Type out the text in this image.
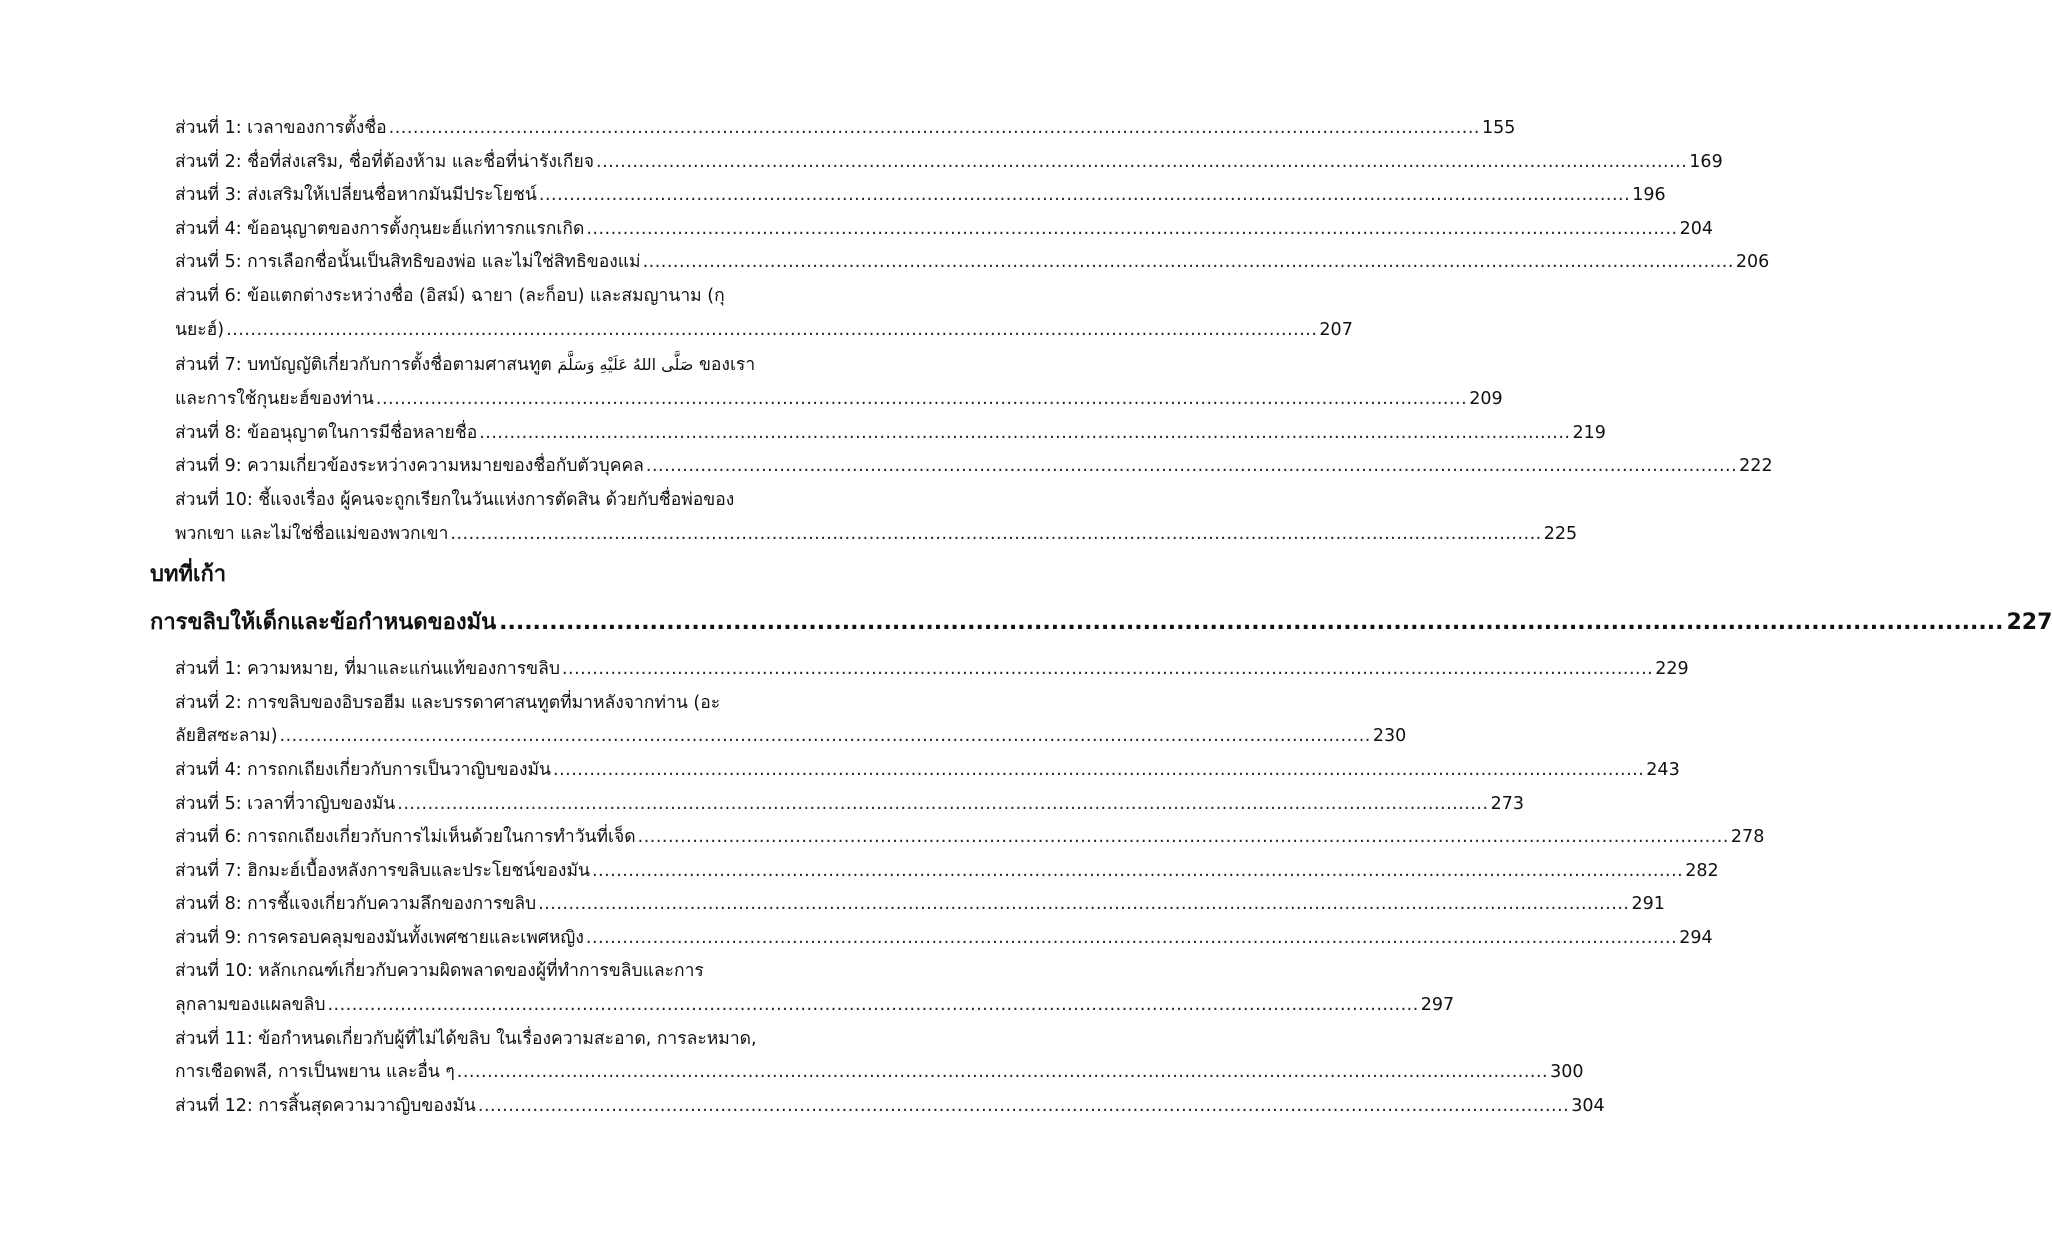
ส่วนที่ 1: เวลาของการตั้งชื่อ .................................................................................................................................................................................... 155
ส่วนที่ 2: ชื่อที่ส่งเสริม, ชื่อที่ต้องห้าม และชื่อที่น่ารังเกียจ .................................................................................................................................................................................... 169
ส่วนที่ 3: ส่งเสริมให้เปลี่ยนชื่อหากมันมีประโยชน์ .................................................................................................................................................................................... 196
ส่วนที่ 4: ข้ออนุญาตของการตั้งกุนยะฮ์แก่ทารกแรกเกิด .................................................................................................................................................................................... 204
ส่วนที่ 5: การเลือกชื่อนั้นเป็นสิทธิของพ่อ และไม่ใช่สิทธิของแม่ .................................................................................................................................................................................... 206
ส่วนที่ 6: ข้อแตกต่างระหว่างชื่อ (อิสม์) ฉายา (ละก็อบ) และสมญานาม (กุ
นยะฮ์) .................................................................................................................................................................................... 207
ส่วนที่ 7: บทบัญญัติเกี่ยวกับการตั้งชื่อตามศาสนทูต صَلَّى اللهُ عَلَيْهِ وَسَلَّمَ ของเรา
และการใช้กุนยะฮ์ของท่าน .................................................................................................................................................................................... 209
ส่วนที่ 8: ข้ออนุญาตในการมีชื่อหลายชื่อ .................................................................................................................................................................................... 219
ส่วนที่ 9: ความเกี่ยวข้องระหว่างความหมายของชื่อกับตัวบุคคล .................................................................................................................................................................................... 222
ส่วนที่ 10: ชี้แจงเรื่อง ผู้คนจะถูกเรียกในวันแห่งการตัดสิน ด้วยกับชื่อพ่อของ
พวกเขา และไม่ใช่ชื่อแม่ของพวกเขา .................................................................................................................................................................................... 225
บทที่เก้า
การขลิบให้เด็กและข้อกำหนดของมัน .................................................................................................................................................................................... 227
ส่วนที่ 1: ความหมาย, ที่มาและแก่นแท้ของการขลิบ .................................................................................................................................................................................... 229
ส่วนที่ 2: การขลิบของอิบรอฮีม และบรรดาศาสนทูตที่มาหลังจากท่าน (อะ
ลัยฮิสซะลาม) .................................................................................................................................................................................... 230
ส่วนที่ 4: การถกเถียงเกี่ยวกับการเป็นวาญิบของมัน .................................................................................................................................................................................... 243
ส่วนที่ 5: เวลาที่วาญิบของมัน .................................................................................................................................................................................... 273
ส่วนที่ 6: การถกเถียงเกี่ยวกับการไม่เห็นด้วยในการทำวันที่เจ็ด .................................................................................................................................................................................... 278
ส่วนที่ 7: ฮิกมะฮ์เบื้องหลังการขลิบและประโยชน์ของมัน .................................................................................................................................................................................... 282
ส่วนที่ 8: การชี้แจงเกี่ยวกับความลึกของการขลิบ .................................................................................................................................................................................... 291
ส่วนที่ 9: การครอบคลุมของมันทั้งเพศชายและเพศหญิง .................................................................................................................................................................................... 294
ส่วนที่ 10: หลักเกณฑ์เกี่ยวกับความผิดพลาดของผู้ที่ทำการขลิบและการ
ลุกลามของแผลขลิบ .................................................................................................................................................................................... 297
ส่วนที่ 11: ข้อกำหนดเกี่ยวกับผู้ที่ไม่ได้ขลิบ ในเรื่องความสะอาด, การละหมาด,
การเชือดพลี, การเป็นพยาน และอื่น ๆ .................................................................................................................................................................................... 300
ส่วนที่ 12: การสิ้นสุดความวาญิบของมัน .................................................................................................................................................................................... 304
